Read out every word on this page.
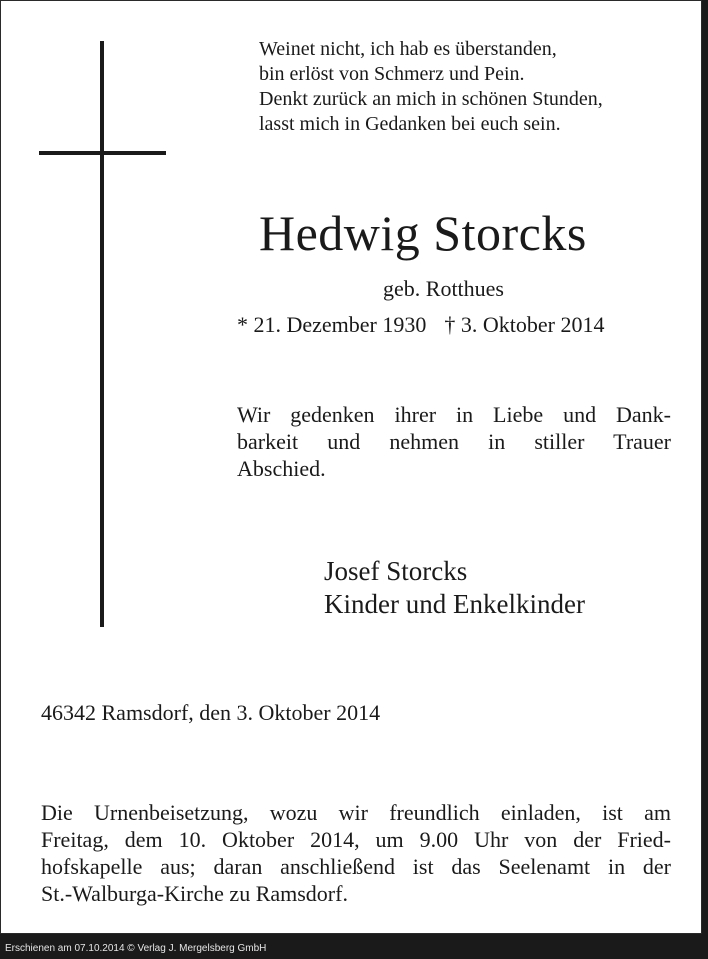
Weinet nicht, ich hab es überstanden,
bin erlöst von Schmerz und Pein.
Denkt zurück an mich in schönen Stunden,
lasst mich in Gedanken bei euch sein.
Hedwig Storcks
geb. Rotthues
* 21. Dezember 1930 † 3. Oktober 2014
Wir gedenken ihrer in Liebe und Dank-
barkeit und nehmen in stiller Trauer
Abschied.
Josef Storcks
Kinder und Enkelkinder
46342 Ramsdorf, den 3. Oktober 2014
Die Urnenbeisetzung, wozu wir freundlich einladen, ist am
Freitag, dem 10. Oktober 2014, um 9.00 Uhr von der Fried-
hofskapelle aus; daran anschließend ist das Seelenamt in der
St.-Walburga-Kirche zu Ramsdorf.
Erschienen am 07.10.2014 © Verlag J. Mergelsberg GmbH
